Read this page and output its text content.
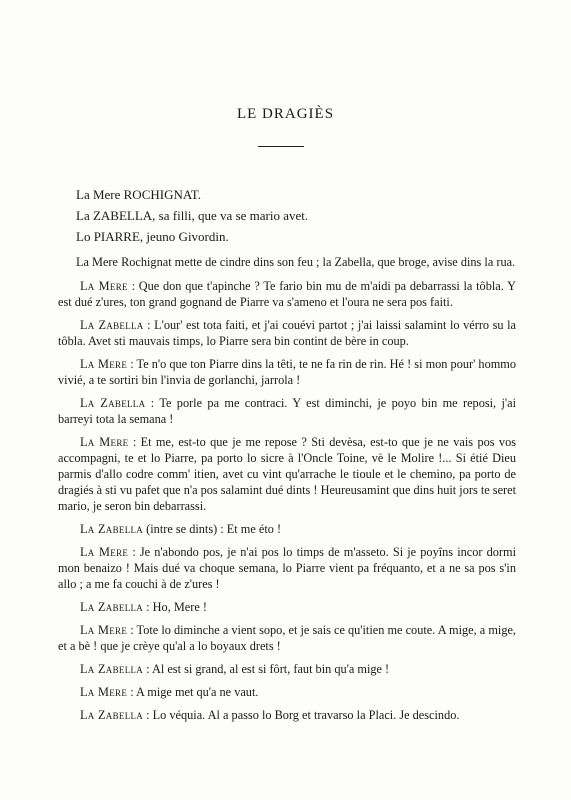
LE DRAGIÈS
La Mere ROCHIGNAT.
La ZABELLA, sa filli, que va se mario avet.
Lo PIARRE, jeuno Givordin.

La Mere Rochignat mette de cindre dins son feu ; la Zabella, que broge, avise dins la rua.

La Mere : Que don que t'apinche ? Te fario bin mu de m'aidi pa debarrassi la tôbla. Y est dué z'ures, ton grand gognand de Piarre va s'ameno et l'oura ne sera pos faiti.

La Zabella : L'our' est tota faiti, et j'ai couévi partot ; j'ai laissi salamint lo vérro su la tôbla. Avet sti mauvais timps, lo Piarre sera bin contint de bère in coup.

La Mere : Te n'o que ton Piarre dins la têti, te ne fa rin de rin. Hé ! si mon pour' hommo vivié, a te sortiri bin l'invia de gorlanchi, jarrola !

La Zabella : Te porle pa me contraci. Y est diminchi, je poyo bin me reposi, j'ai barreyi tota la semana !

La Mere : Et me, est-to que je me repose ? Sti devèsa, est-to que je ne vais pos vos accompagni, te et lo Piarre, pa porto lo sicre à l'Oncle Toine, vè le Molire !... Si étié Dieu parmis d'allo codre comm' itien, avet cu vint qu'arrache le tioule et le chemino, pa porto de dragiés à sti vu pafet que n'a pos salamint dué dints ! Heureusamint que dins huit jors te seret mario, je seron bin debarrassi.

La Zabella (intre se dints) : Et me éto !

La Mere : Je n'abondo pos, je n'ai pos lo timps de m'asseto. Si je poyîns incor dormi mon benaizo ! Mais dué va choque semana, lo Piarre vient pa fréquanto, et a ne sa pos s'in allo ; a me fa couchi à de z'ures !

La Zabella : Ho, Mere !

La Mere : Tote lo diminche a vient sopo, et je sais ce qu'itien me coute. A mige, a mige, et a bè ! que je crèye qu'al a lo boyaux drets !

La Zabella : Al est si grand, al est si fôrt, faut bin qu'a mige !

La Mere : A mige met qu'a ne vaut.

La Zabella : Lo véquia. Al a passo lo Borg et travarso la Placi. Je descindo.
